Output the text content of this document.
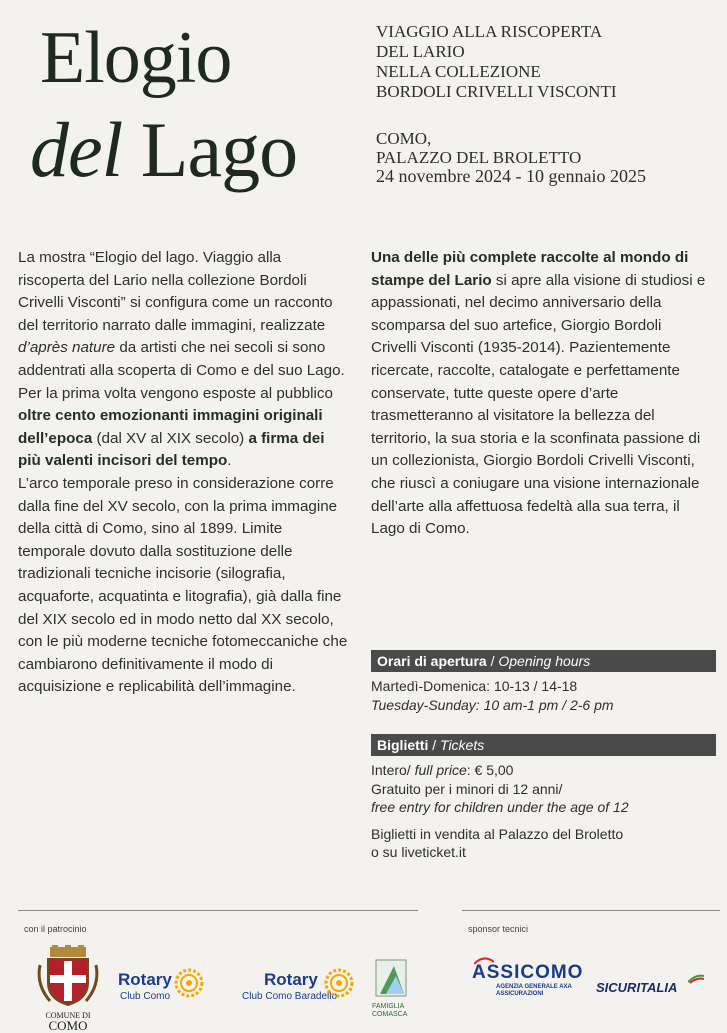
Elogio
del Lago
VIAGGIO ALLA RISCOPERTA
DEL LARIO
NELLA COLLEZIONE
BORDOLI CRIVELLI VISCONTI
COMO,
PALAZZO DEL BROLETTO
24 novembre 2024 - 10 gennaio 2025

La mostra “Elogio del lago. Viaggio alla riscoperta del Lario nella collezione Bordoli Crivelli Visconti” si configura come un racconto del territorio narrato dalle immagini, realizzate d’après nature da artisti che nei secoli si sono addentrati alla scoperta di Como e del suo Lago.

Per la prima volta vengono esposte al pubblico oltre cento emozionanti immagini originali dell’epoca (dal XV al XIX secolo) a firma dei più valenti incisori del tempo.

L’arco temporale preso in considerazione corre dalla fine del XV secolo, con la prima immagine della città di Como, sino al 1899. Limite temporale dovuto dalla sostituzione delle tradizionali tecniche incisorie (silografia, acquaforte, acquatinta e litografia), già dalla fine del XIX secolo ed in modo netto dal XX secolo, con le più moderne tecniche fotomeccaniche che cambiarono definitivamente il modo di acquisizione e replicabilità dell’immagine.

Una delle più complete raccolte al mondo di stampe del Lario si apre alla visione di studiosi e appassionati, nel decimo anniversario della scomparsa del suo artefice, Giorgio Bordoli Crivelli Visconti (1935-2014). Pazientemente ricercate, raccolte, catalogate e perfettamente conservate, tutte queste opere d’arte trasmetteranno al visitatore la bellezza del territorio, la sua storia e la sconfinata passione di un collezionista, Giorgio Bordoli Crivelli Visconti, che riuscì a coniugare una visione internazionale dell’arte alla affettuosa fedeltà alla sua terra, il Lago di Como.

Orari di apertura / Opening hours
Martedì-Domenica: 10-13 / 14-18
Tuesday-Sunday: 10 am-1 pm / 2-6 pm
Biglietti / Tickets
Intero/ full price: € 5,00
Gratuito per i minori di 12 anni/
free entry for children under the age of 12
Biglietti in vendita al Palazzo del Broletto
o su liveticket.it
con il patrocinio	sponsor tecnici
COMUNE DI
COMO
Rotary
Club Como
Rotary
Club Como Baradello
FAMIGLIA COMASCA
ASSICOMO
AGENZIA GENERALE AXA ASSICURAZIONI	SICURITALIA
